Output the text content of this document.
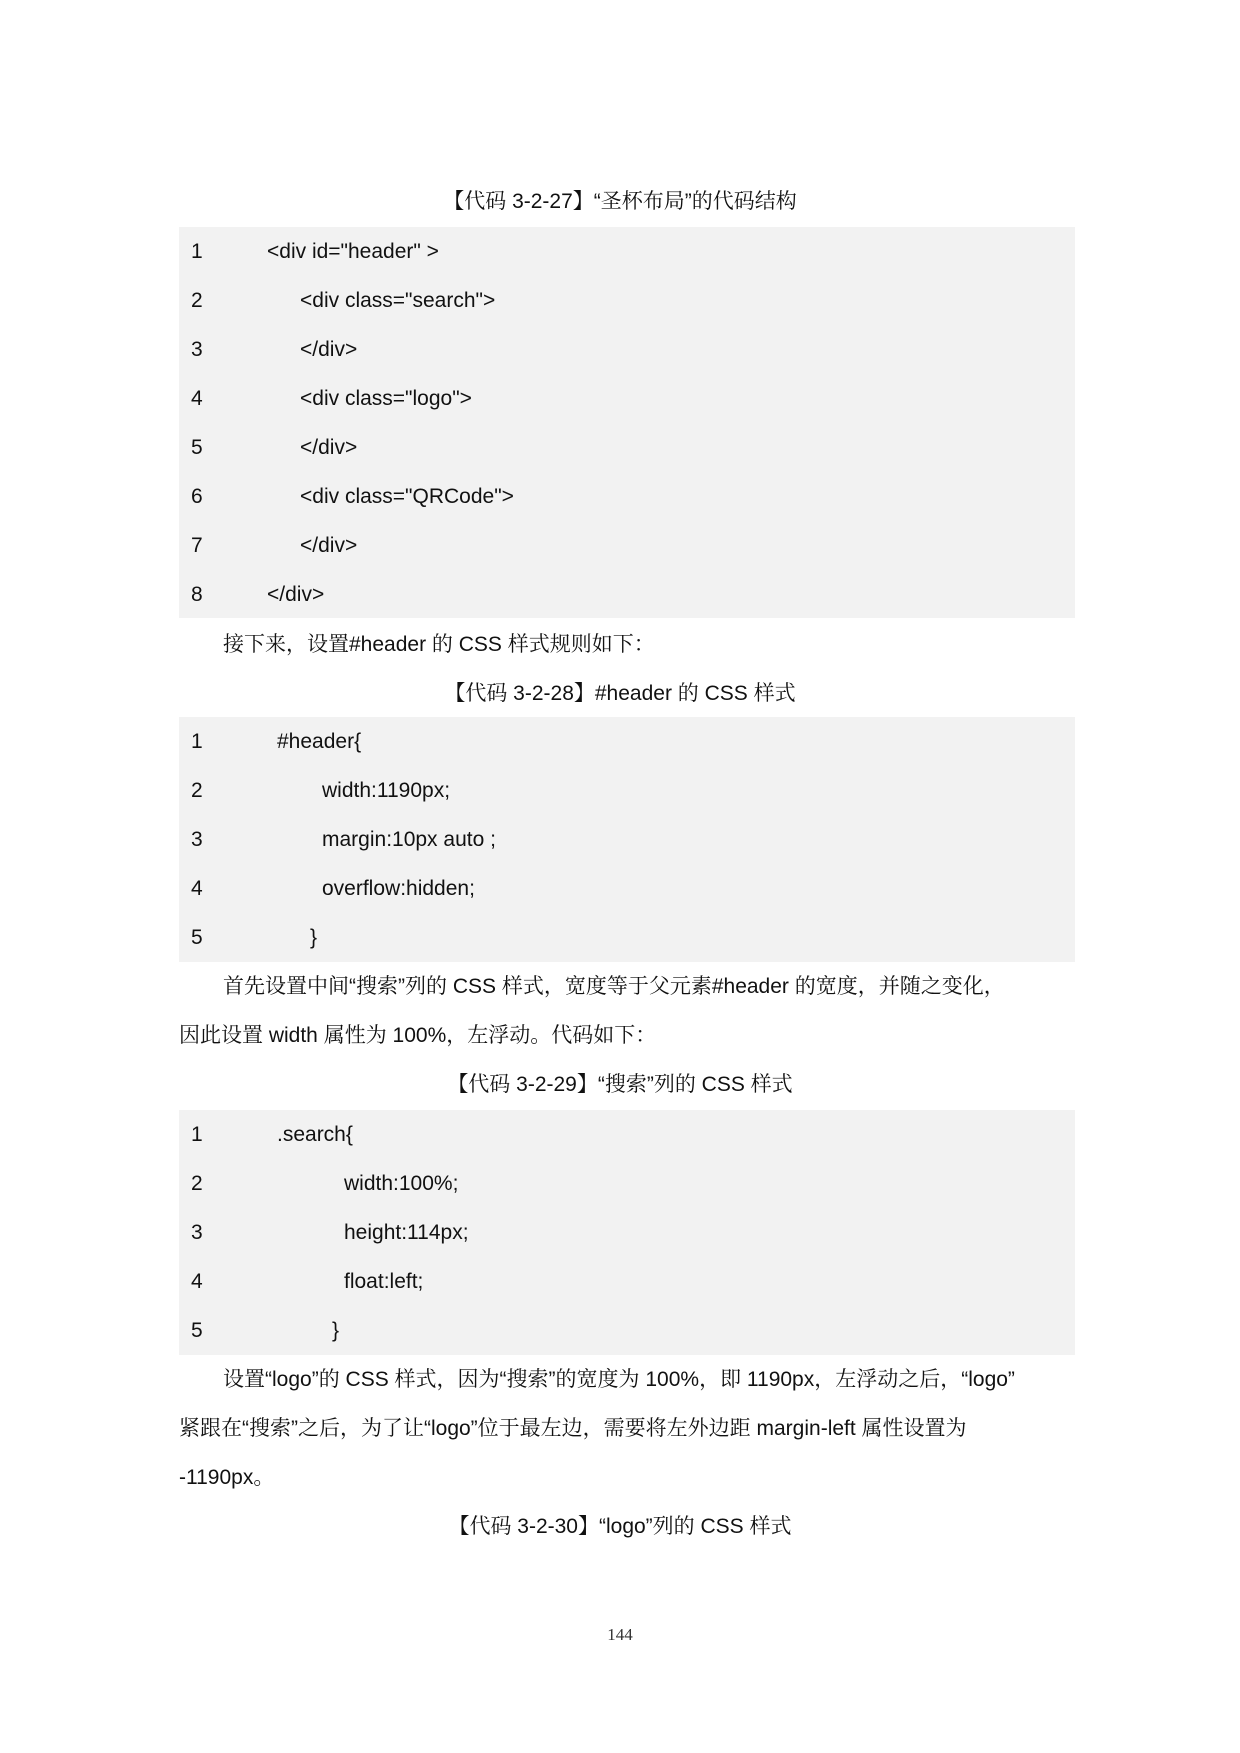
【代码 3-2-27】“圣杯布局”的代码结构
1	<div id="header" >
2	<div class="search">
3	</div>
4	<div class="logo">
5	</div>
6	<div class="QRCode">
7	</div>
8	</div>
接下来，设置#header 的 CSS 样式规则如下：
【代码 3-2-28】#header 的 CSS 样式
1	#header{
2	width:1190px;
3	margin:10px auto ;
4	overflow:hidden;
5	}
首先设置中间“搜索”列的 CSS 样式，宽度等于父元素#header 的宽度，并随之变化，
因此设置 width 属性为 100%，左浮动。代码如下：
【代码 3-2-29】“搜索”列的 CSS 样式
1	.search{
2	width:100%;
3	height:114px;
4	float:left;
5	}
设置“logo”的 CSS 样式，因为“搜索”的宽度为 100%，即 1190px，左浮动之后，“logo”
紧跟在“搜索”之后，为了让“logo”位于最左边，需要将左外边距 margin-left 属性设置为
-1190px。
【代码 3-2-30】“logo”列的 CSS 样式
144
